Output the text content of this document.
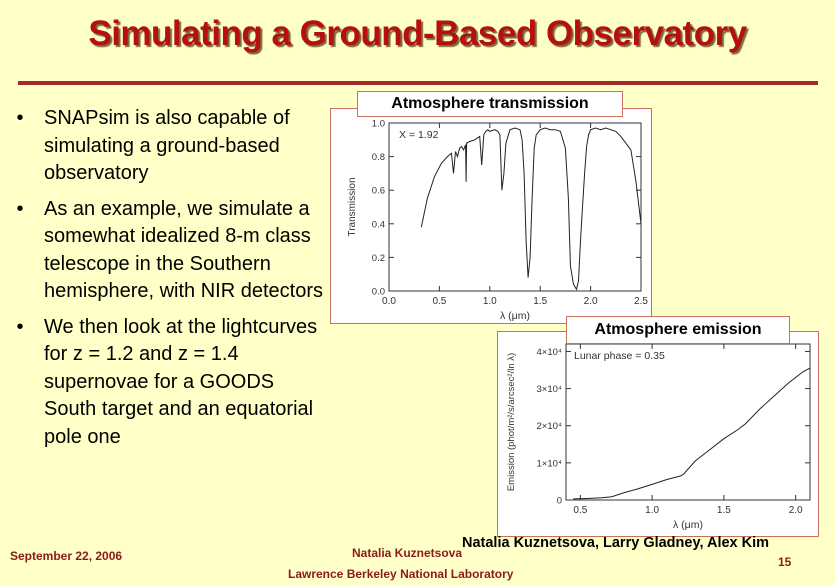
Simulating a Ground-Based Observatory
•	SNAPsim is also capable of simulating a ground-based observatory
•	As an example, we simulate a somewhat idealized 8-m class telescope in the Southern hemisphere, with NIR detectors
•	We then look at the lightcurves for z = 1.2 and z = 1.4 supernovae for a GOODS South target and an equatorial pole one
0.0	0.5	1.0	1.5	2.0	2.5
0.0
0.2
0.4
0.6
0.8
1.0
X = 1.92
λ (μm)
Transmission
Atmosphere transmission
0.5	1.0	1.5	2.0
0
1×10⁴
2×10⁴
3×10⁴
4×10⁴ Lunar phase = 0.35
λ (μm)
Emission (phot/m²/s/arcsec²/ln λ)
Atmosphere emission
Natalia Kuznetsova, Larry Gladney, Alex Kim
September 22, 2006	Natalia Kuznetsova
Lawrence Berkeley National Laboratory
15
